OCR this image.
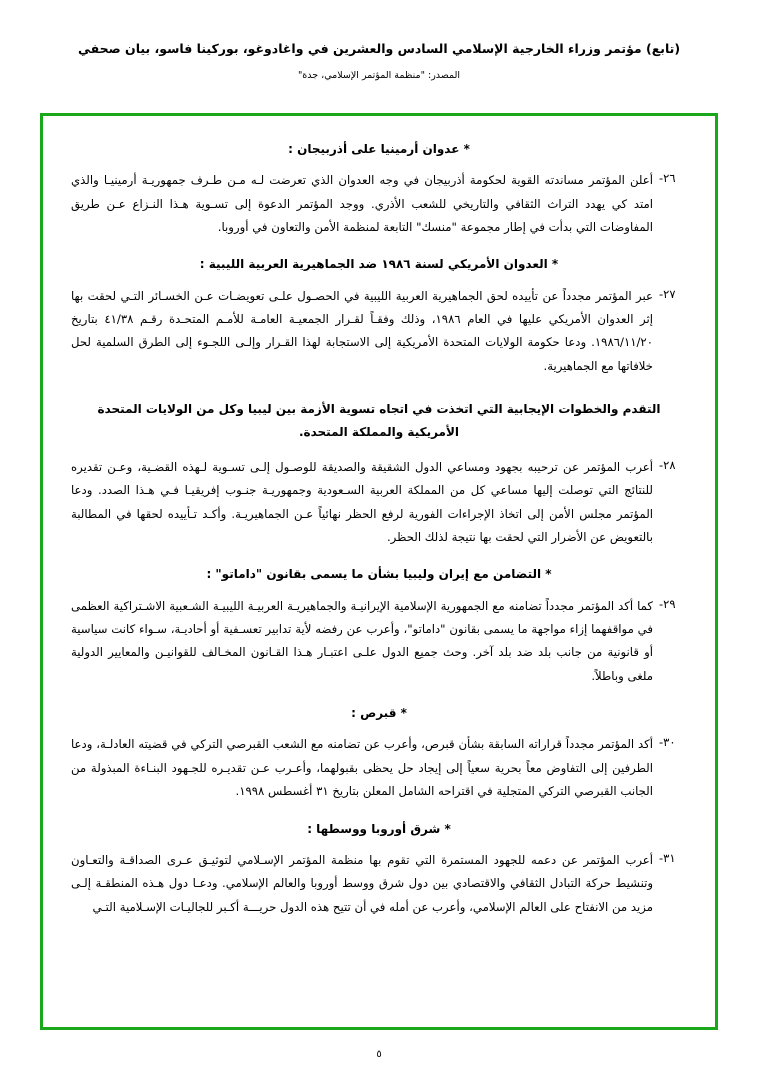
(تابع) مؤتمر وزراء الخارجية الإسلامي السادس والعشرين في واغادوغو، بوركينا فاسو، بيان صحفي
المصدر: "منظمة المؤتمر الإسلامي، جدة"
* عدوان أرمينيا على أذربيجان :
٢٦-
أعلن المؤتمر مساندته القوية لحكومة أذربيجان في وجه العدوان الذي تعرضت لـه مـن طـرف جمهوريـة أرمينيـا والذي امتد كي يهدد التراث الثقافي والتاريخي للشعب الأذري. ووجد المؤتمر الدعوة إلى تسـوية هـذا النـزاع عـن طريق المفاوضات التي بدأت في إطار مجموعة "منسك" التابعة لمنظمة الأمن والتعاون في أوروبا.
* العدوان الأمريكي لسنة ١٩٨٦ ضد الجماهيرية العربية الليبية :
٢٧-
عبر المؤتمر مجدداً عن تأييده لحق الجماهيرية العربية الليبية في الحصـول علـى تعويضـات عـن الخسـائر التـي لحقت بها إثر العدوان الأمريكي عليها في العام ١٩٨٦، وذلك وفقـاً لقـرار الجمعيـة العامـة للأمـم المتحـدة رقـم ٤١/٣٨ بتاريخ ١٩٨٦/١١/٢٠. ودعا حكومة الولايات المتحدة الأمريكية إلى الاستجابة لهذا القـرار وإلـى اللجـوء إلى الطرق السلمية لحل خلافاتها مع الجماهيرية.
التقدم والخطوات الإيجابية التي اتخذت في اتجاه تسوية الأزمة بين ليبيا وكل من الولايات المتحدة الأمريكية والمملكة المتحدة.
٢٨-
أعرب المؤتمر عن ترحيبه بجهود ومساعي الدول الشقيقة والصديقة للوصـول إلـى تسـوية لـهذه القضـية، وعـن تقديره للنتائج التي توصلت إليها مساعي كل من المملكة العربية السـعودية وجمهوريـة جنـوب إفريقيـا فـي هـذا الصدد. ودعا المؤتمر مجلس الأمن إلى اتخاذ الإجراءات الفورية لرفع الحظر نهائياً عـن الجماهيريـة. وأكـد تـأييده لحقها في المطالبة بالتعويض عن الأضرار التي لحقت بها نتيجة لذلك الحظر.
* التضامن مع إيران وليبيا بشأن ما يسمى بقانون "داماتو" :
٢٩-
كما أكد المؤتمر مجدداً تضامنه مع الجمهورية الإسلامية الإيرانيـة والجماهيريـة العربيـة الليبيـة الشـعبية الاشـتراكية العظمى في مواقفهما إزاء مواجهة ما يسمى بقانون "داماتو"، وأعرب عن رفضه لأية تدابير تعسـفية أو أحاديـة، سـواء كانت سياسية أو قانونية من جانب بلد ضد بلد آخر. وحث جميع الدول علـى اعتبـار هـذا القـانون المخـالف للقوانيـن والمعايير الدولية ملغى وباطلاً.
* قبرص :
٣٠-
أكد المؤتمر مجدداً قراراته السابقة بشأن قبرص، وأعرب عن تضامنه مع الشعب القبرصي التركي في قضيته العادلـة، ودعا الطرفين إلى التفاوض معاً بحرية سعياً إلى إيجاد حل يحظى بقبولهما، وأعـرب عـن تقديـره للجـهود البنـاءة المبذولة من الجانب القبرصي التركي المتجلية في اقتراحه الشامل المعلن بتاريخ ٣١ أغسطس ١٩٩٨.
* شرق أوروبا ووسطها :
٣١-
أعرب المؤتمر عن دعمه للجهود المستمرة التي تقوم بها منظمة المؤتمر الإسـلامي لتوثيـق عـرى الصداقـة والتعـاون وتنشيط حركة التبادل الثقافي والاقتصادي بين دول شرق ووسط أوروبا والعالم الإسلامي. ودعـا دول هـذه المنطقـة إلـى مزيد من الانفتاح على العالم الإسلامي، وأعرب عن أمله في أن تتيح هذه الدول حريـــة أكـبر للجاليـات الإسـلامية التـي
٥
